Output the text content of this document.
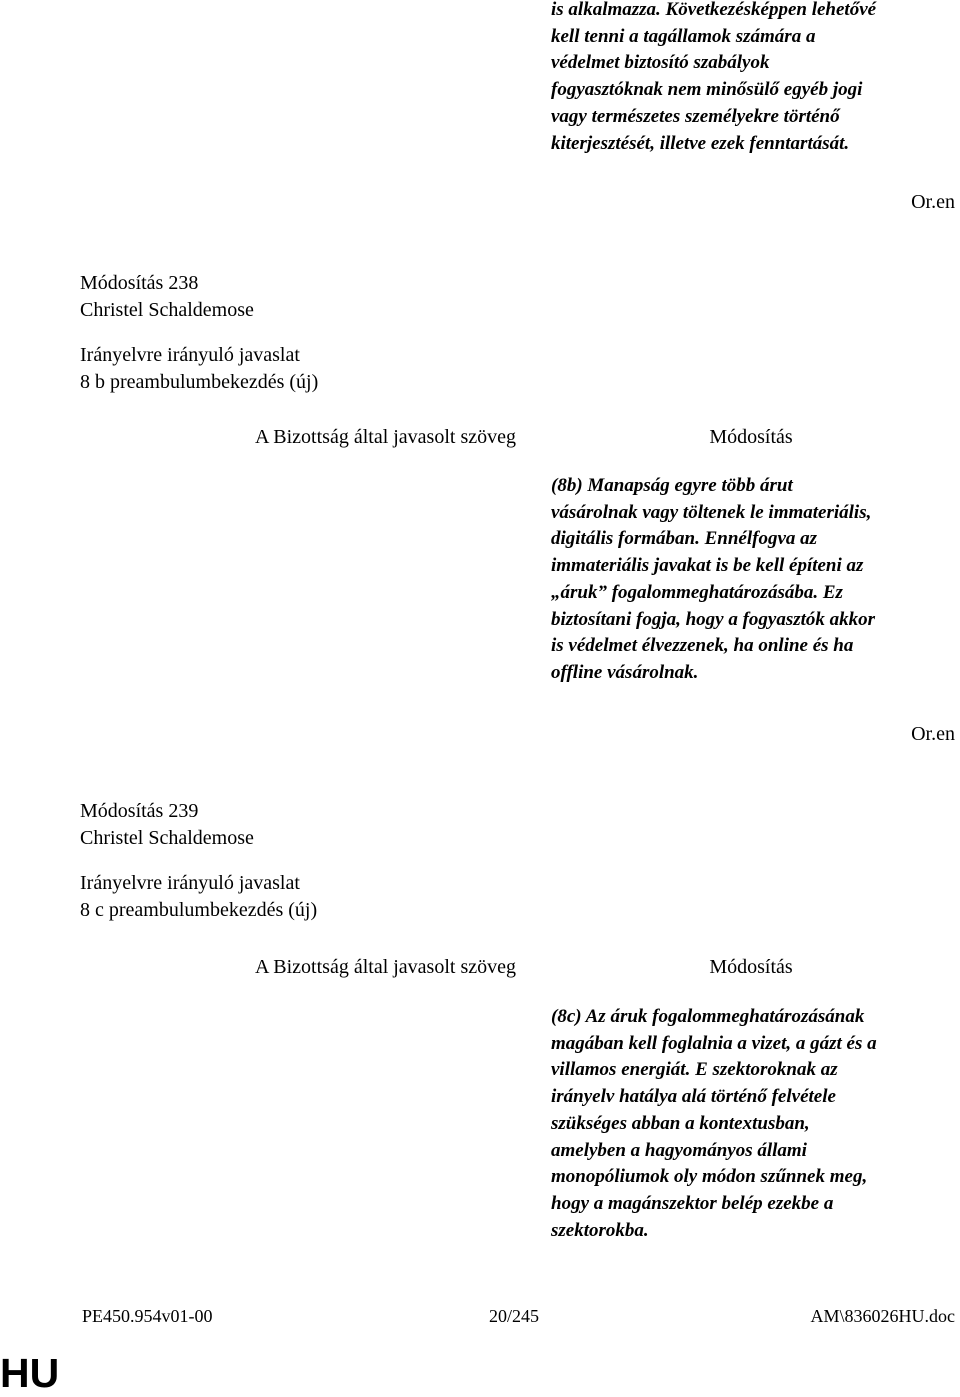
is alkalmazza. Következésképpen lehetővé
kell tenni a tagállamok számára a
védelmet biztosító szabályok
fogyasztóknak nem minősülő egyéb jogi
vagy természetes személyekre történő
kiterjesztését, illetve ezek fenntartását.
Or.en
Módosítás 238
Christel Schaldemose
Irányelvre irányuló javaslat
8 b preambulumbekezdés (új)
A Bizottság által javasolt szöveg	Módosítás
(8b) Manapság egyre több árut
vásárolnak vagy töltenek le immateriális,
digitális formában. Ennélfogva az
immateriális javakat is be kell építeni az
„áruk” fogalommeghatározásába. Ez
biztosítani fogja, hogy a fogyasztók akkor
is védelmet élvezzenek, ha online és ha
offline vásárolnak.
Or.en
Módosítás 239
Christel Schaldemose
Irányelvre irányuló javaslat
8 c preambulumbekezdés (új)
A Bizottság által javasolt szöveg	Módosítás
(8c) Az áruk fogalommeghatározásának
magában kell foglalnia a vizet, a gázt és a
villamos energiát. E szektoroknak az
irányelv hatálya alá történő felvétele
szükséges abban a kontextusban,
amelyben a hagyományos állami
monopóliumok oly módon szűnnek meg,
hogy a magánszektor belép ezekbe a
szektorokba.
PE450.954v01-00	20/245	AM\836026HU.doc
HU
